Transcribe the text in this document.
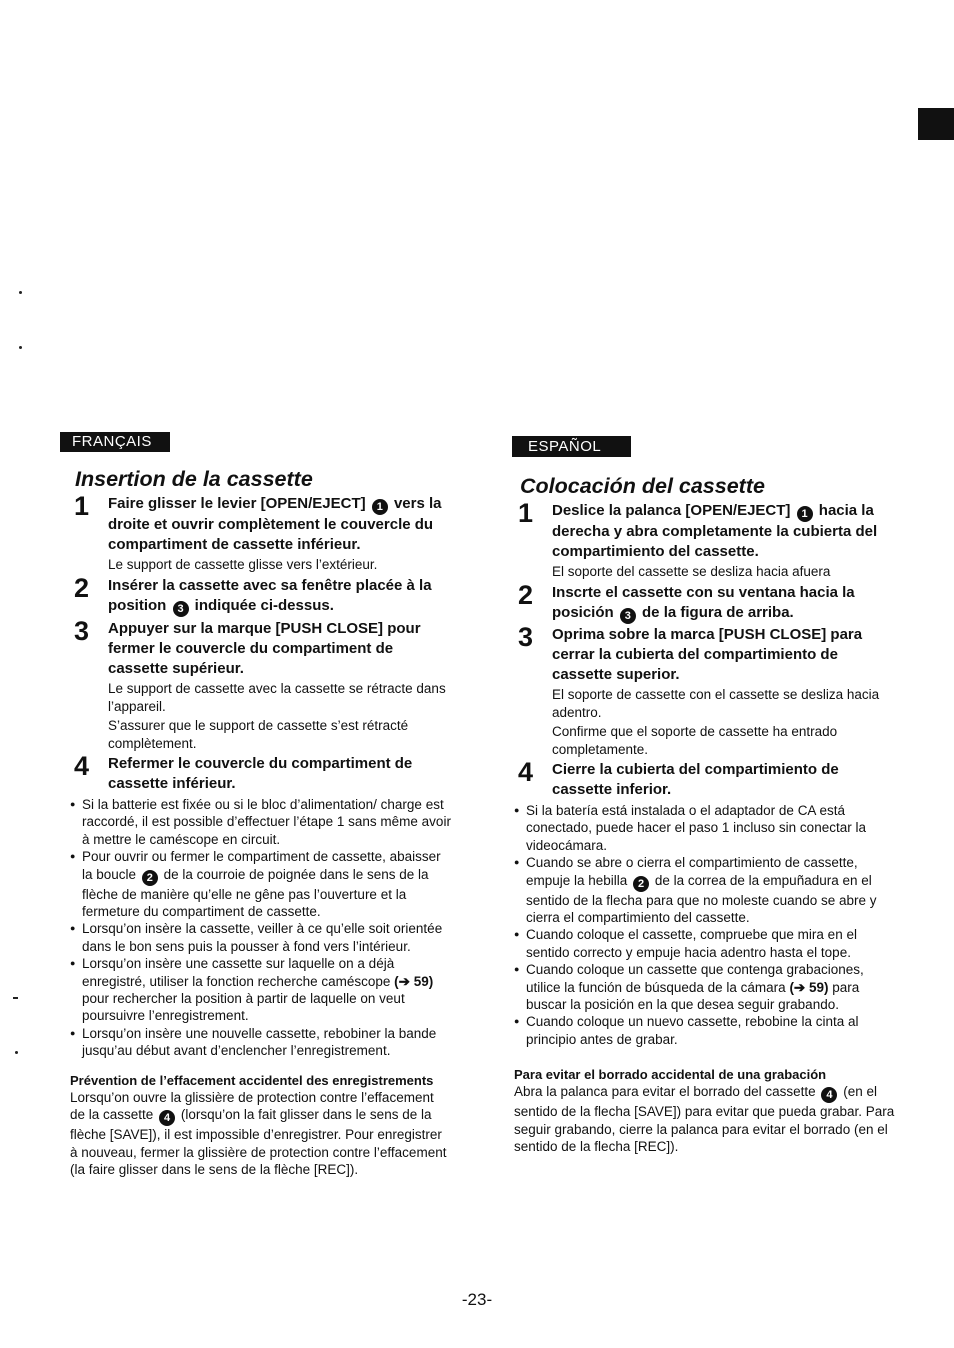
FRANÇAIS
Insertion de la cassette
1 Faire glisser le levier [OPEN/EJECT] 1 vers la droite et ouvrir complètement le couvercle du compartiment de cassette inférieur.
Le support de cassette glisse vers l’extérieur.
2 Insérer la cassette avec sa fenêtre placée à la position 3 indiquée ci-dessus.
3 Appuyer sur la marque [PUSH CLOSE] pour fermer le couvercle du compartiment de cassette supérieur.
Le support de cassette avec la cassette se rétracte dans l’appareil.
S’assurer que le support de cassette s’est rétracté complètement.
4 Refermer le couvercle du compartiment de cassette inférieur.
● Si la batterie est fixée ou si le bloc d’alimentation/ charge est raccordé, il est possible d’effectuer l’étape 1 sans même avoir à mettre le caméscope en circuit.
● Pour ouvrir ou fermer le compartiment de cassette, abaisser la boucle 2 de la courroie de poignée dans le sens de la flèche de manière qu’elle ne gêne pas l’ouverture et la fermeture du compartiment de cassette.
● Lorsqu’on insère la cassette, veiller à ce qu’elle soit orientée dans le bon sens puis la pousser à fond vers l’intérieur.
● Lorsqu’on insère une cassette sur laquelle on a déjà enregistré, utiliser la fonction recherche caméscope (➔ 59) pour rechercher la position à partir de laquelle on veut poursuivre l’enregistrement.
● Lorsqu’on insère une nouvelle cassette, rebobiner la bande jusqu’au début avant d’enclencher l’enregistrement.
Prévention de l’effacement accidentel des enregistrements
Lorsqu’on ouvre la glissière de protection contre l’effacement de la cassette 4 (lorsqu’on la fait glisser dans le sens de la flèche [SAVE]), il est impossible d’enregistrer. Pour enregistrer à nouveau, fermer la glissière de protection contre l’effacement (la faire glisser dans le sens de la flèche [REC]).
ESPAÑOL
Colocación del cassette
1 Deslice la palanca [OPEN/EJECT] 1 hacia la derecha y abra completamente la cubierta del compartimiento del cassette.
El soporte del cassette se desliza hacia afuera
2 Inscrte el cassette con su ventana hacia la posición 3 de la figura de arriba.
3 Oprima sobre la marca [PUSH CLOSE] para cerrar la cubierta del compartimiento de cassette superior.
El soporte de cassette con el cassette se desliza hacia adentro.
Confirme que el soporte de cassette ha entrado completamente.
4 Cierre la cubierta del compartimiento de cassette inferior.
● Si la batería está instalada o el adaptador de CA está conectado, puede hacer el paso 1 incluso sin conectar la videocámara.
● Cuando se abre o cierra el compartimiento de cassette, empuje la hebilla 2 de la correa de la empuñadura en el sentido de la flecha para que no moleste cuando se abre y cierra el compartimiento del cassette.
● Cuando coloque el cassette, compruebe que mira en el sentido correcto y empuje hacia adentro hasta el tope.
● Cuando coloque un cassette que contenga grabaciones, utilice la función de búsqueda de la cámara (➔ 59) para buscar la posición en la que desea seguir grabando.
● Cuando coloque un nuevo cassette, rebobine la cinta al principio antes de grabar.
Para evitar el borrado accidental de una grabación
Abra la palanca para evitar el borrado del cassette 4 (en el sentido de la flecha [SAVE]) para evitar que pueda grabar. Para seguir grabando, cierre la palanca para evitar el borrado (en el sentido de la flecha [REC]).
-23-
